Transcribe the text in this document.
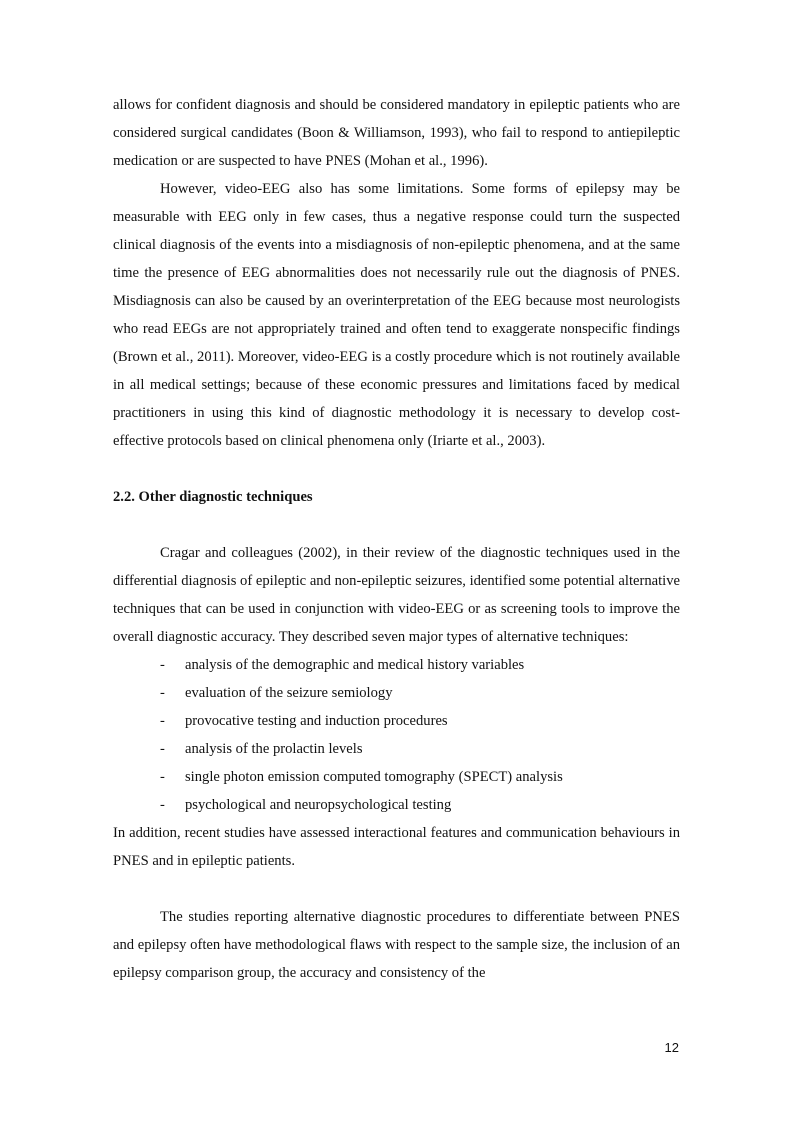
allows for confident diagnosis and should be considered mandatory in epileptic patients who are considered surgical candidates (Boon & Williamson, 1993), who fail to respond to antiepileptic medication or are suspected to have PNES (Mohan et al., 1996).

However, video-EEG also has some limitations. Some forms of epilepsy may be measurable with EEG only in few cases, thus a negative response could turn the suspected clinical diagnosis of the events into a misdiagnosis of non-epileptic phenomena, and at the same time the presence of EEG abnormalities does not necessarily rule out the diagnosis of PNES. Misdiagnosis can also be caused by an overinterpretation of the EEG because most neurologists who read EEGs are not appropriately trained and often tend to exaggerate nonspecific findings (Brown et al., 2011). Moreover, video-EEG is a costly procedure which is not routinely available in all medical settings; because of these economic pressures and limitations faced by medical practitioners in using this kind of diagnostic methodology it is necessary to develop cost-effective protocols based on clinical phenomena only (Iriarte et al., 2003).

2.2. Other diagnostic techniques

Cragar and colleagues (2002), in their review of the diagnostic techniques used in the differential diagnosis of epileptic and non-epileptic seizures, identified some potential alternative techniques that can be used in conjunction with video-EEG or as screening tools to improve the overall diagnostic accuracy. They described seven major types of alternative techniques:

- analysis of the demographic and medical history variables
- evaluation of the seizure semiology
- provocative testing and induction procedures
- analysis of the prolactin levels
- single photon emission computed tomography (SPECT) analysis
- psychological and neuropsychological testing

In addition, recent studies have assessed interactional features and communication behaviours in PNES and in epileptic patients.

The studies reporting alternative diagnostic procedures to differentiate between PNES and epilepsy often have methodological flaws with respect to the sample size, the inclusion of an epilepsy comparison group, the accuracy and consistency of the

12
